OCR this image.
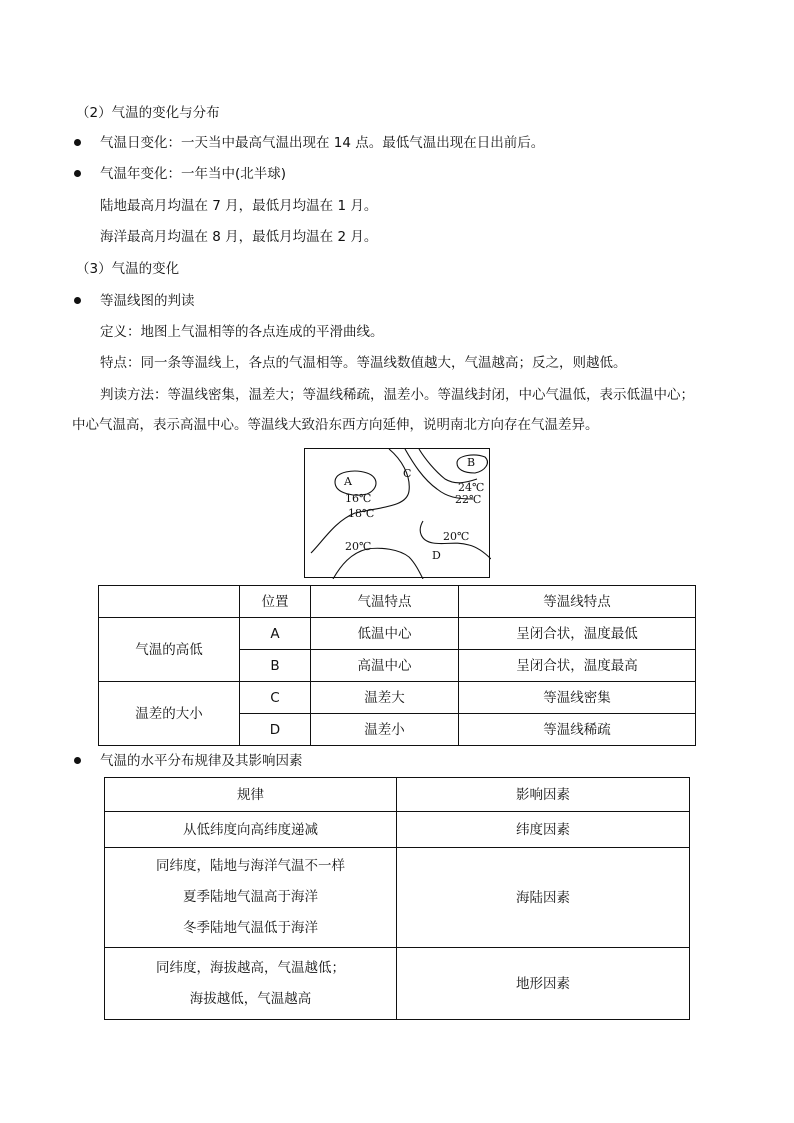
（2）气温的变化与分布
气温日变化：一天当中最高气温出现在 14 点。最低气温出现在日出前后。
气温年变化：一年当中(北半球)
陆地最高月均温在 7 月，最低月均温在 1 月。
海洋最高月均温在 8 月，最低月均温在 2 月。
（3）气温的变化
等温线图的判读
定义：地图上气温相等的各点连成的平滑曲线。
特点：同一条等温线上，各点的气温相等。等温线数值越大，气温越高；反之，则越低。
判读方法：等温线密集，温差大；等温线稀疏，温差小。等温线封闭，中心气温低，表示低温中心；
中心气温高，表示高温中心。等温线大致沿东西方向延伸，说明南北方向存在气温差异。
A
16℃
18℃
C
B
24℃
22℃
20℃
20℃
D
	位置	气温特点	等温线特点
气温的高低	A	低温中心	呈闭合状，温度最低
	B	高温中心	呈闭合状，温度最高
温差的大小	C	温差大	等温线密集
	D	温差小	等温线稀疏
气温的水平分布规律及其影响因素
规律	影响因素
从低纬度向高纬度递减	纬度因素

同纬度，陆地与海洋气温不一样
夏季陆地气温高于海洋
冬季陆地气温低于海洋	海陆因素

同纬度，海拔越高，气温越低；
海拔越低，气温越高	地形因素
